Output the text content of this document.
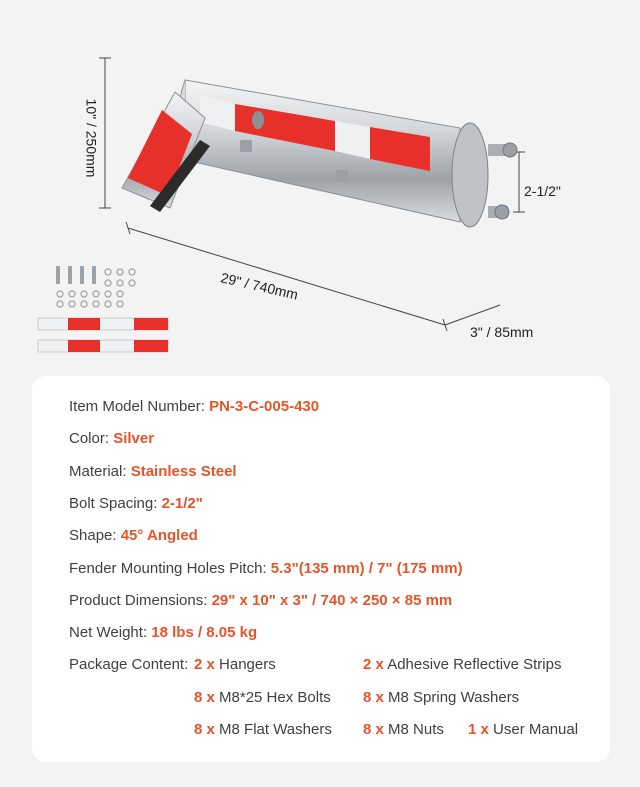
10" / 250mm
29" / 740mm
2-1/2"
3" / 85mm
Item Model Number: PN-3-C-005-430
Color: Silver
Material: Stainless Steel
Bolt Spacing: 2-1/2"
Shape: 45° Angled
Fender Mounting Holes Pitch: 5.3"(135 mm) / 7" (175 mm)
Product Dimensions: 29" x 10" x 3" / 740 × 250 × 85 mm
Net Weight: 18 lbs / 8.05 kg
Package Content: 2 x Hangers	2 x Adhesive Reflective Strips
8 x M8*25 Hex Bolts 8 x M8 Spring Washers
8 x M8 Flat Washers 8 x M8 Nuts 1 x User Manual
